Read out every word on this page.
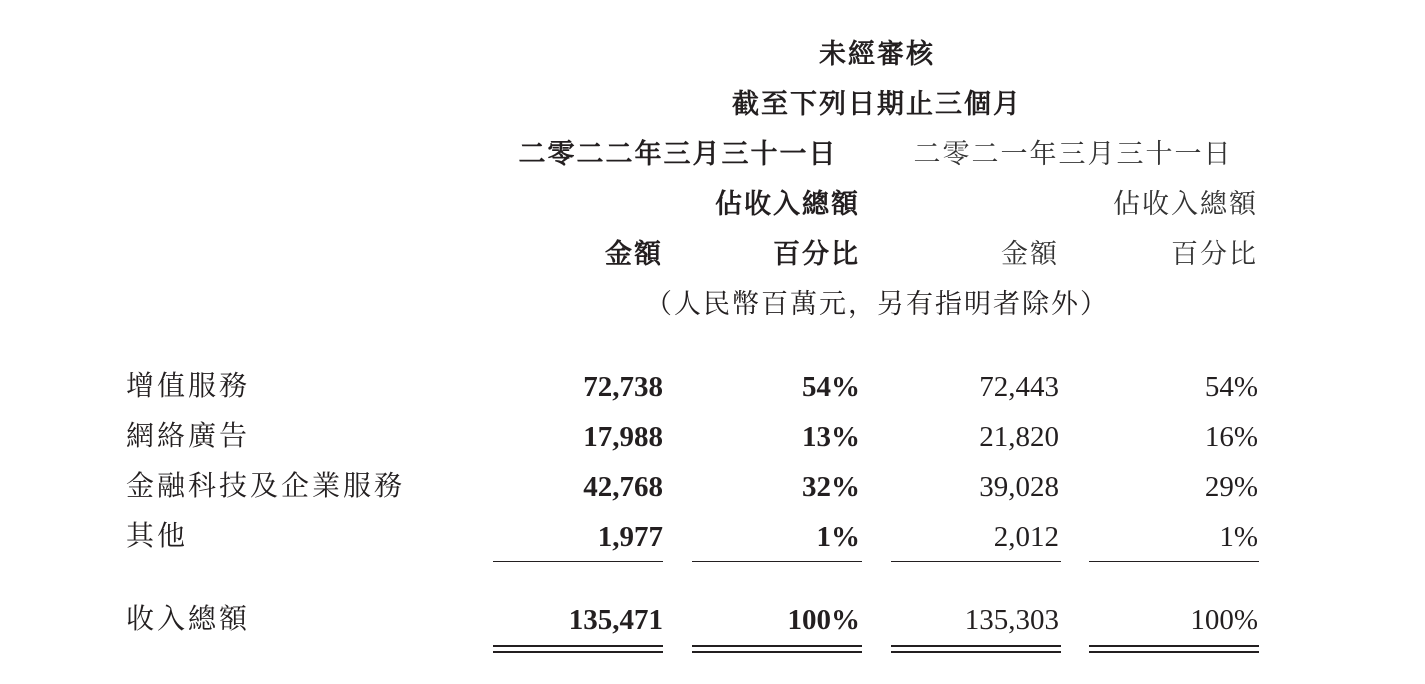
未經審核
截至下列日期止三個月
二零二二年三月三十一日	二零二一年三月三十一日
佔收入總額	佔收入總額
金額	百分比	金額	百分比
（人民幣百萬元，另有指明者除外）
增值服務	72,738	54%	72,443	54%
網絡廣告	17,988	13%	21,820	16%
金融科技及企業服務	42,768	32%	39,028	29%
其他	1,977	1%	2,012	1%
收入總額	135,471	100%	135,303	100%
